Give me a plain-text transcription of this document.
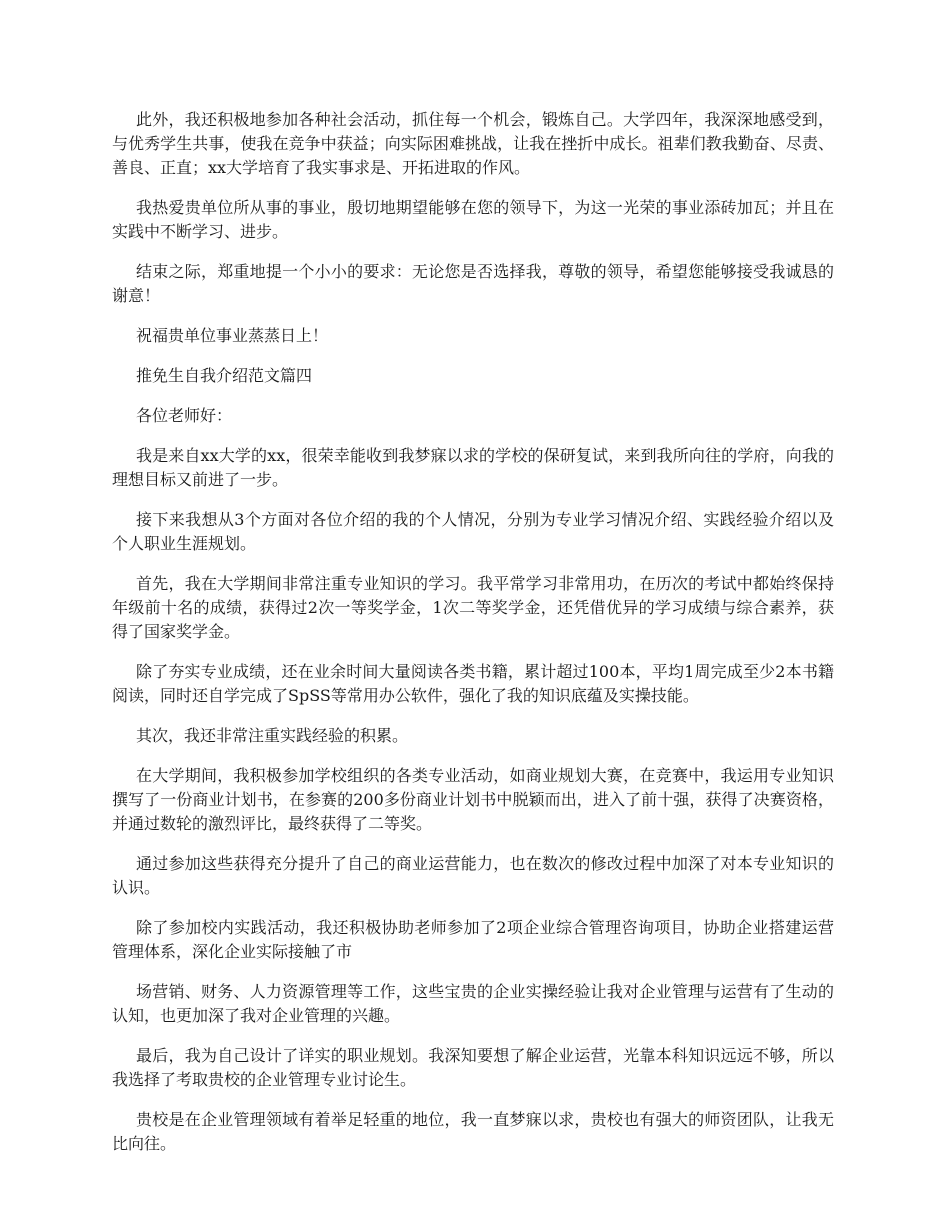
此外，我还积极地参加各种社会活动，抓住每一个机会，锻炼自己。大学四年，我深深地感受到，与优秀学生共事，使我在竞争中获益；向实际困难挑战，让我在挫折中成长。祖辈们教我勤奋、尽责、善良、正直；xx大学培育了我实事求是、开拓进取的作风。

我热爱贵单位所从事的事业，殷切地期望能够在您的领导下，为这一光荣的事业添砖加瓦；并且在实践中不断学习、进步。

结束之际，郑重地提一个小小的要求：无论您是否选择我，尊敬的领导，希望您能够接受我诚恳的谢意！

祝福贵单位事业蒸蒸日上！

推免生自我介绍范文篇四

各位老师好：

我是来自xx大学的xx，很荣幸能收到我梦寐以求的学校的保研复试，来到我所向往的学府，向我的理想目标又前进了一步。

接下来我想从3个方面对各位介绍的我的个人情况，分别为专业学习情况介绍、实践经验介绍以及个人职业生涯规划。

首先，我在大学期间非常注重专业知识的学习。我平常学习非常用功，在历次的考试中都始终保持年级前十名的成绩，获得过2次一等奖学金，1次二等奖学金，还凭借优异的学习成绩与综合素养，获得了国家奖学金。

除了夯实专业成绩，还在业余时间大量阅读各类书籍，累计超过100本，平均1周完成至少2本书籍阅读，同时还自学完成了SpSS等常用办公软件，强化了我的知识底蕴及实操技能。

其次，我还非常注重实践经验的积累。

在大学期间，我积极参加学校组织的各类专业活动，如商业规划大赛，在竞赛中，我运用专业知识撰写了一份商业计划书，在参赛的200多份商业计划书中脱颖而出，进入了前十强，获得了决赛资格，并通过数轮的激烈评比，最终获得了二等奖。

通过参加这些获得充分提升了自己的商业运营能力，也在数次的修改过程中加深了对本专业知识的认识。

除了参加校内实践活动，我还积极协助老师参加了2项企业综合管理咨询项目，协助企业搭建运营管理体系，深化企业实际接触了市

场营销、财务、人力资源管理等工作，这些宝贵的企业实操经验让我对企业管理与运营有了生动的认知，也更加深了我对企业管理的兴趣。

最后，我为自己设计了详实的职业规划。我深知要想了解企业运营，光靠本科知识远远不够，所以我选择了考取贵校的企业管理专业讨论生。

贵校是在企业管理领域有着举足轻重的地位，我一直梦寐以求，贵校也有强大的师资团队，让我无比向往。
